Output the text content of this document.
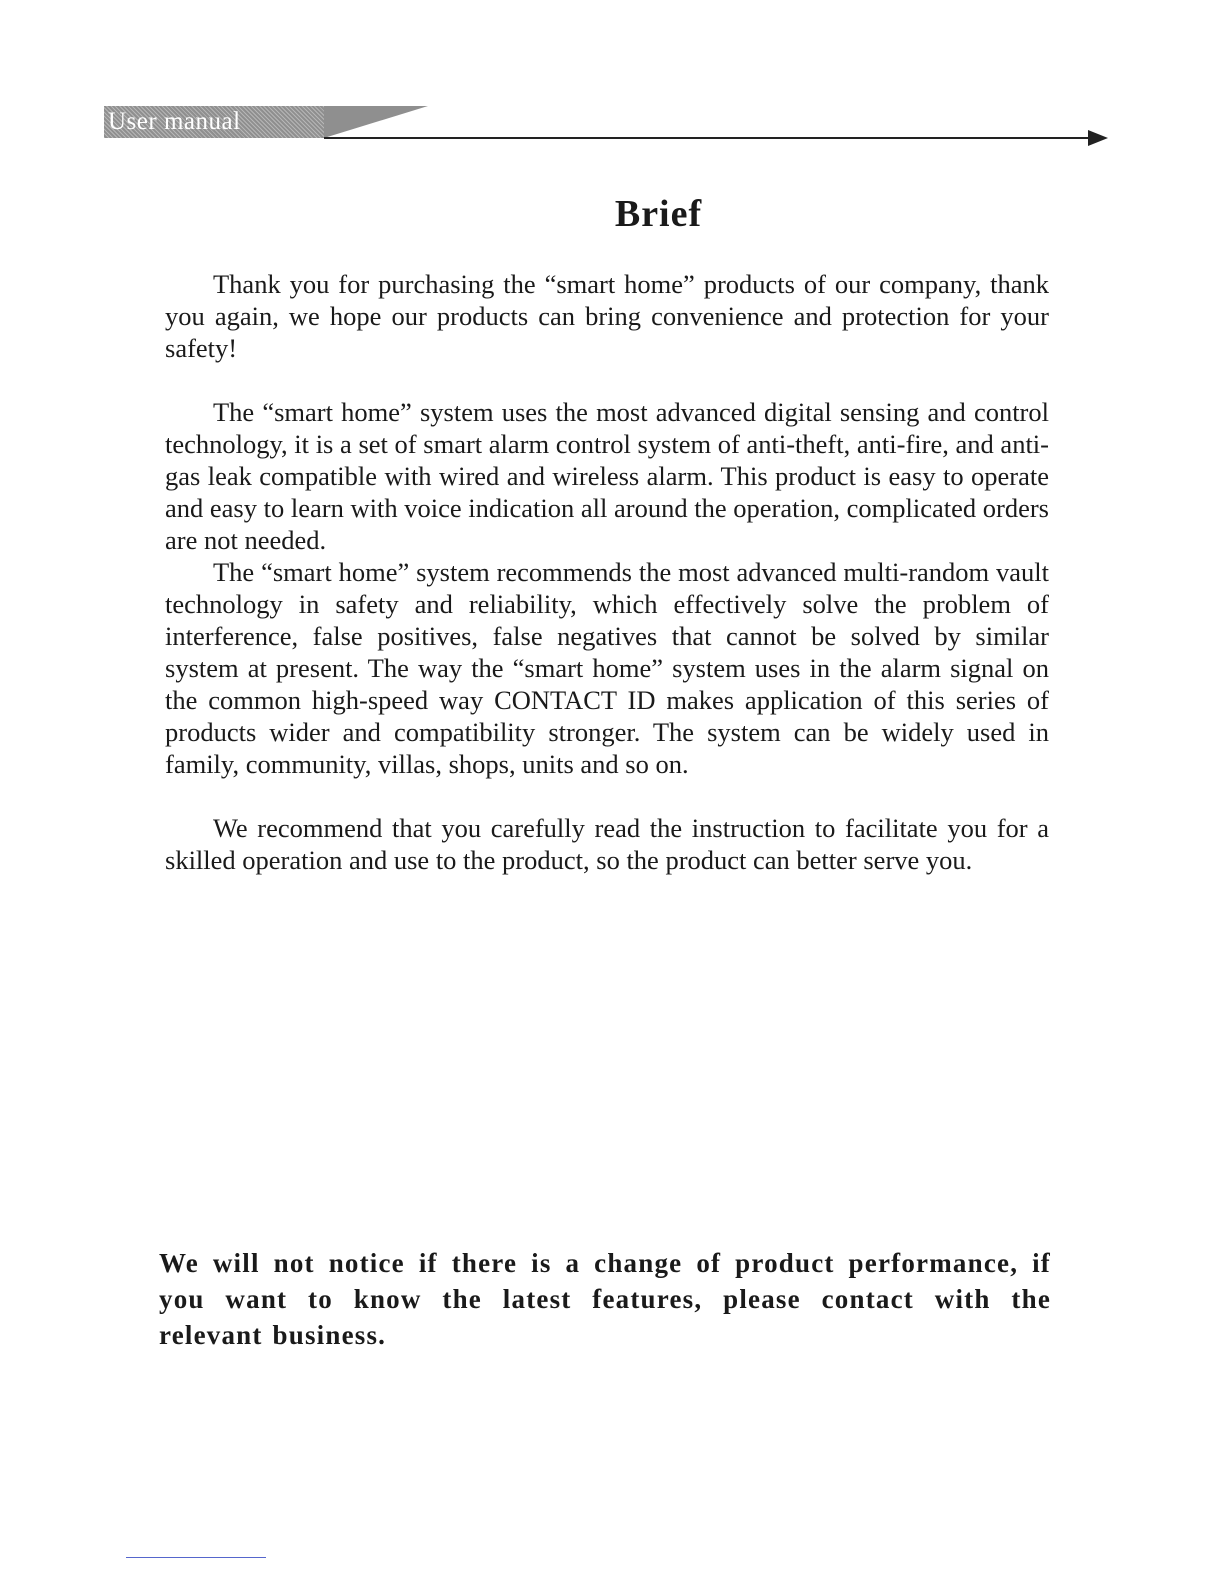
User manual
Brief

Thank you for purchasing the “smart home” products of our company, thank you again, we hope our products can bring convenience and protection for your safety!

The “smart home” system uses the most advanced digital sensing and control technology, it is a set of smart alarm control system of anti-theft, anti-fire, and anti-gas leak compatible with wired and wireless alarm. This product is easy to operate and easy to learn with voice indication all around the operation, complicated orders are not needed.

The “smart home” system recommends the most advanced multi-random vault technology in safety and reliability, which effectively solve the problem of interference, false positives, false negatives that cannot be solved by similar system at present. The way the “smart home” system uses in the alarm signal on the common high-speed way CONTACT ID makes application of this series of products wider and compatibility stronger. The system can be widely used in family, community, villas, shops, units and so on.

We recommend that you carefully read the instruction to facilitate you for a skilled operation and use to the product, so the product can better serve you.

We will not notice if there is a change of product performance, if you want to know the latest features, please contact with the relevant business.
